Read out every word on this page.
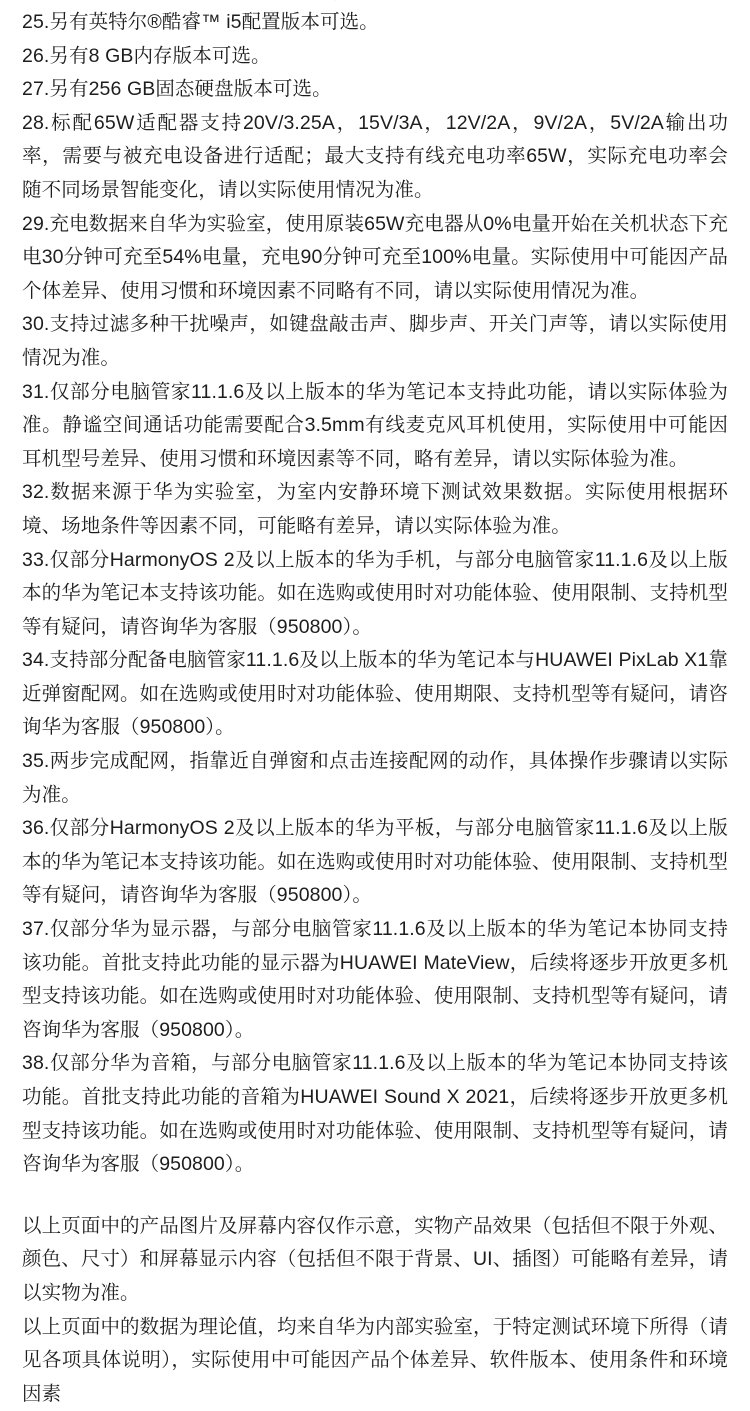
25.另有英特尔®酷睿™ i5配置版本可选。
26.另有8 GB内存版本可选。
27.另有256 GB固态硬盘版本可选。
28.标配65W适配器支持20V/3.25A，15V/3A，12V/2A，9V/2A，5V/2A输出功率，需要与被充电设备进行适配；最大支持有线充电功率65W，实际充电功率会随不同场景智能变化，请以实际使用情况为准。
29.充电数据来自华为实验室，使用原装65W充电器从0%电量开始在关机状态下充电30分钟可充至54%电量，充电90分钟可充至100%电量。实际使用中可能因产品个体差异、使用习惯和环境因素不同略有不同，请以实际使用情况为准。
30.支持过滤多种干扰噪声，如键盘敲击声、脚步声、开关门声等，请以实际使用情况为准。
31.仅部分电脑管家11.1.6及以上版本的华为笔记本支持此功能，请以实际体验为准。静谧空间通话功能需要配合3.5mm有线麦克风耳机使用，实际使用中可能因耳机型号差异、使用习惯和环境因素等不同，略有差异，请以实际体验为准。
32.数据来源于华为实验室，为室内安静环境下测试效果数据。实际使用根据环境、场地条件等因素不同，可能略有差异，请以实际体验为准。
33.仅部分HarmonyOS 2及以上版本的华为手机，与部分电脑管家11.1.6及以上版本的华为笔记本支持该功能。如在选购或使用时对功能体验、使用限制、支持机型等有疑问，请咨询华为客服（950800）。
34.支持部分配备电脑管家11.1.6及以上版本的华为笔记本与HUAWEI PixLab X1靠近弹窗配网。如在选购或使用时对功能体验、使用期限、支持机型等有疑问，请咨询华为客服（950800）。
35.两步完成配网，指靠近自弹窗和点击连接配网的动作，具体操作步骤请以实际为准。
36.仅部分HarmonyOS 2及以上版本的华为平板，与部分电脑管家11.1.6及以上版本的华为笔记本支持该功能。如在选购或使用时对功能体验、使用限制、支持机型等有疑问，请咨询华为客服（950800）。
37.仅部分华为显示器，与部分电脑管家11.1.6及以上版本的华为笔记本协同支持该功能。首批支持此功能的显示器为HUAWEI MateView，后续将逐步开放更多机型支持该功能。如在选购或使用时对功能体验、使用限制、支持机型等有疑问，请咨询华为客服（950800）。
38.仅部分华为音箱，与部分电脑管家11.1.6及以上版本的华为笔记本协同支持该功能。首批支持此功能的音箱为HUAWEI Sound X 2021，后续将逐步开放更多机型支持该功能。如在选购或使用时对功能体验、使用限制、支持机型等有疑问，请咨询华为客服（950800）。

以上页面中的产品图片及屏幕内容仅作示意，实物产品效果（包括但不限于外观、颜色、尺寸）和屏幕显示内容（包括但不限于背景、UI、插图）可能略有差异，请以实物为准。

以上页面中的数据为理论值，均来自华为内部实验室，于特定测试环境下所得（请见各项具体说明），实际使用中可能因产品个体差异、软件版本、使用条件和环境因素
